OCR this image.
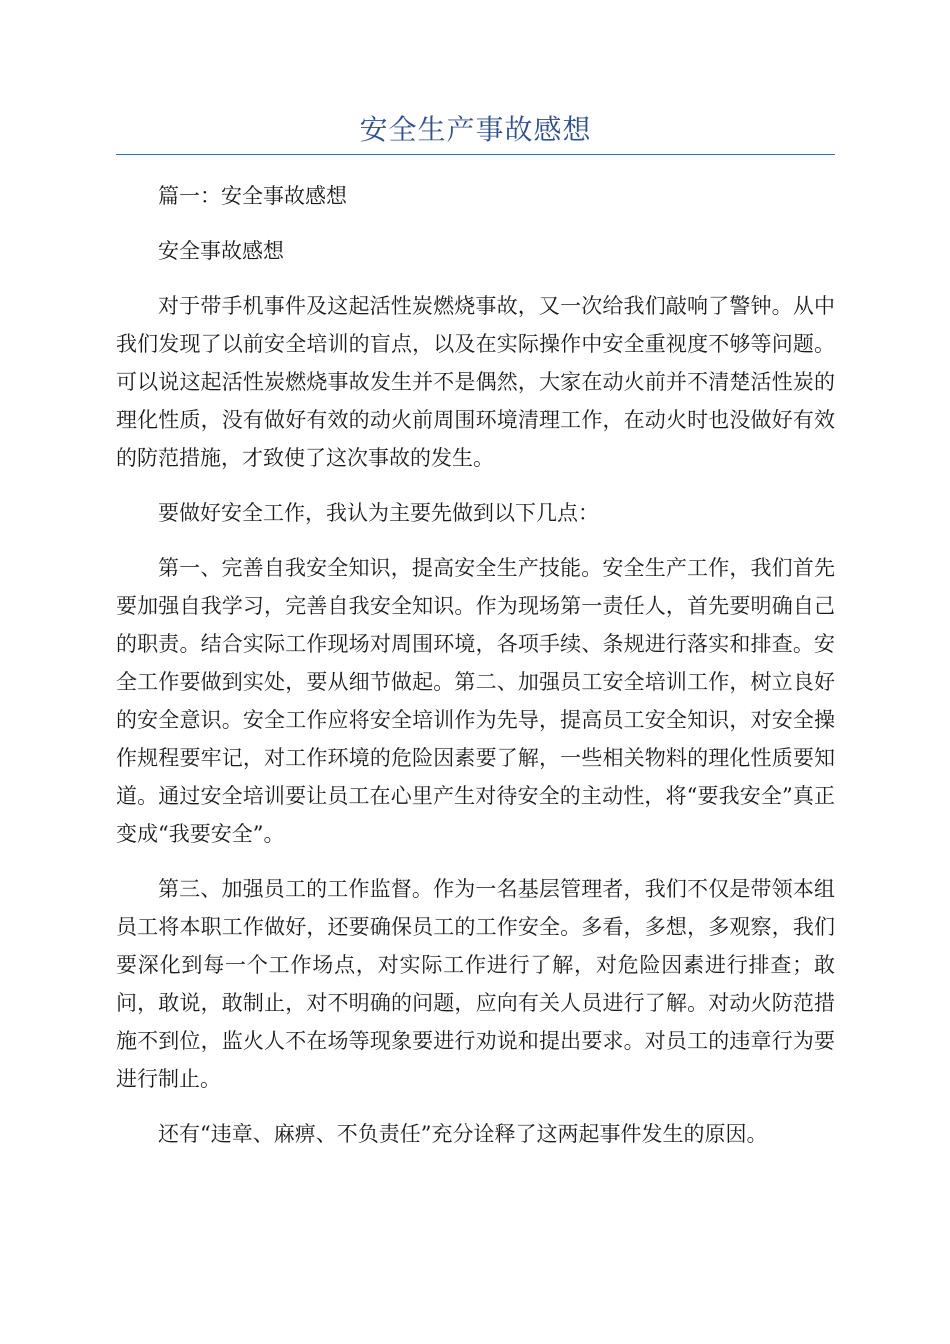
安全生产事故感想

篇一：安全事故感想

安全事故感想

对于带手机事件及这起活性炭燃烧事故，又一次给我们敲响了警钟。从中我们发现了以前安全培训的盲点，以及在实际操作中安全重视度不够等问题。可以说这起活性炭燃烧事故发生并不是偶然，大家在动火前并不清楚活性炭的理化性质，没有做好有效的动火前周围环境清理工作，在动火时也没做好有效的防范措施，才致使了这次事故的发生。

要做好安全工作，我认为主要先做到以下几点：

第一、完善自我安全知识，提高安全生产技能。安全生产工作，我们首先要加强自我学习，完善自我安全知识。作为现场第一责任人，首先要明确自己的职责。结合实际工作现场对周围环境，各项手续、条规进行落实和排查。安全工作要做到实处，要从细节做起。第二、加强员工安全培训工作，树立良好的安全意识。安全工作应将安全培训作为先导，提高员工安全知识，对安全操作规程要牢记，对工作环境的危险因素要了解，一些相关物料的理化性质要知道。通过安全培训要让员工在心里产生对待安全的主动性，将“要我安全”真正变成“我要安全”。

第三、加强员工的工作监督。作为一名基层管理者，我们不仅是带领本组员工将本职工作做好，还要确保员工的工作安全。多看，多想，多观察，我们要深化到每一个工作场点，对实际工作进行了解，对危险因素进行排查；敢问，敢说，敢制止，对不明确的问题，应向有关人员进行了解。对动火防范措施不到位，监火人不在场等现象要进行劝说和提出要求。对员工的违章行为要进行制止。

还有“违章、麻痹、不负责任”充分诠释了这两起事件发生的原因。
